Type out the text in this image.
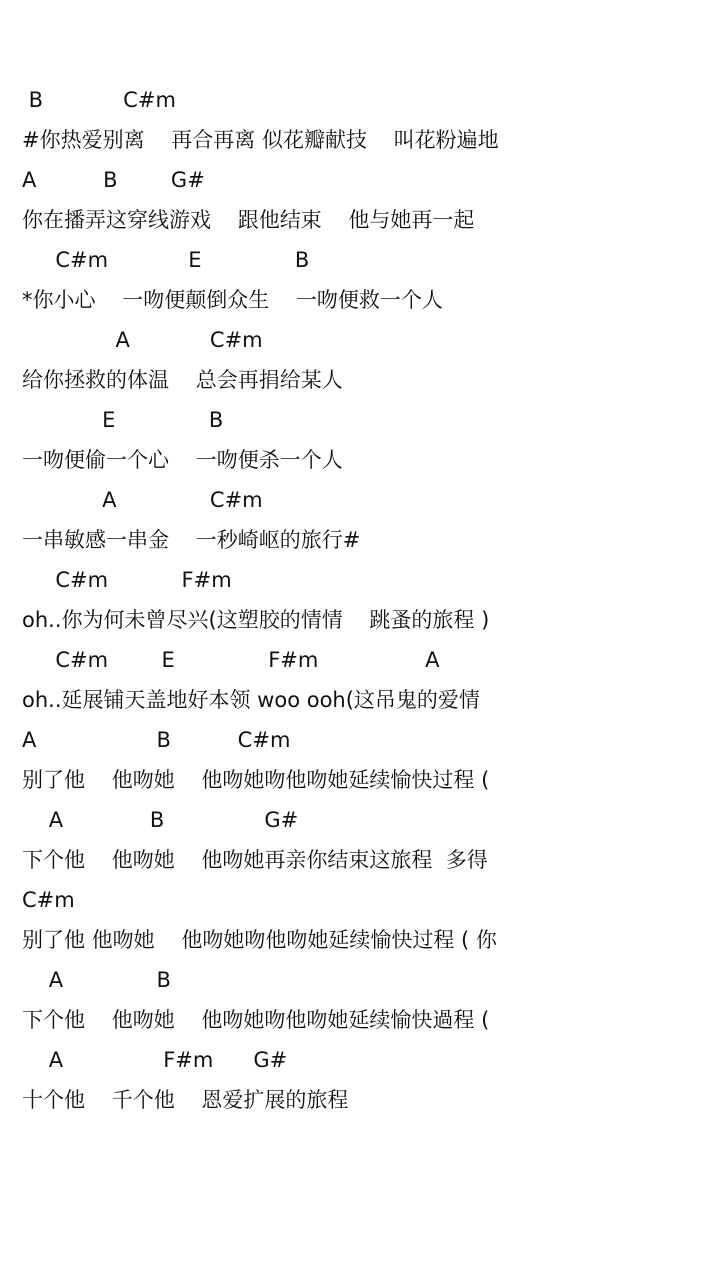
B            C#m
#你热爱别离    再合再离 似花瓣献技    叫花粉遍地
A          B        G#
你在播弄这穿线游戏    跟他结束    他与她再一起
C#m            E              B
*你小心    一吻便颠倒众生    一吻便救一个人
A            C#m
给你拯救的体温    总会再捐给某人
E              B
一吻便偷一个心    一吻便杀一个人
A              C#m
一串敏感一串金    一秒崎岖的旅行#
C#m           F#m
oh..你为何未曾尽兴(这塑胶的情情    跳蚤的旅程 )
C#m        E              F#m                A
oh..延展铺天盖地好本领 woo ooh(这吊鬼的爱情
A                  B          C#m
别了他    他吻她    他吻她吻他吻她延续愉快过程 (
A             B               G#
下个他    他吻她    他吻她再亲你结束这旅程  多得
C#m
别了他 他吻她    他吻她吻他吻她延续愉快过程 ( 你
A              B
下个他    他吻她    他吻她吻他吻她延续愉快過程 (
A               F#m      G#
十个他    千个他    恩爱扩展的旅程
